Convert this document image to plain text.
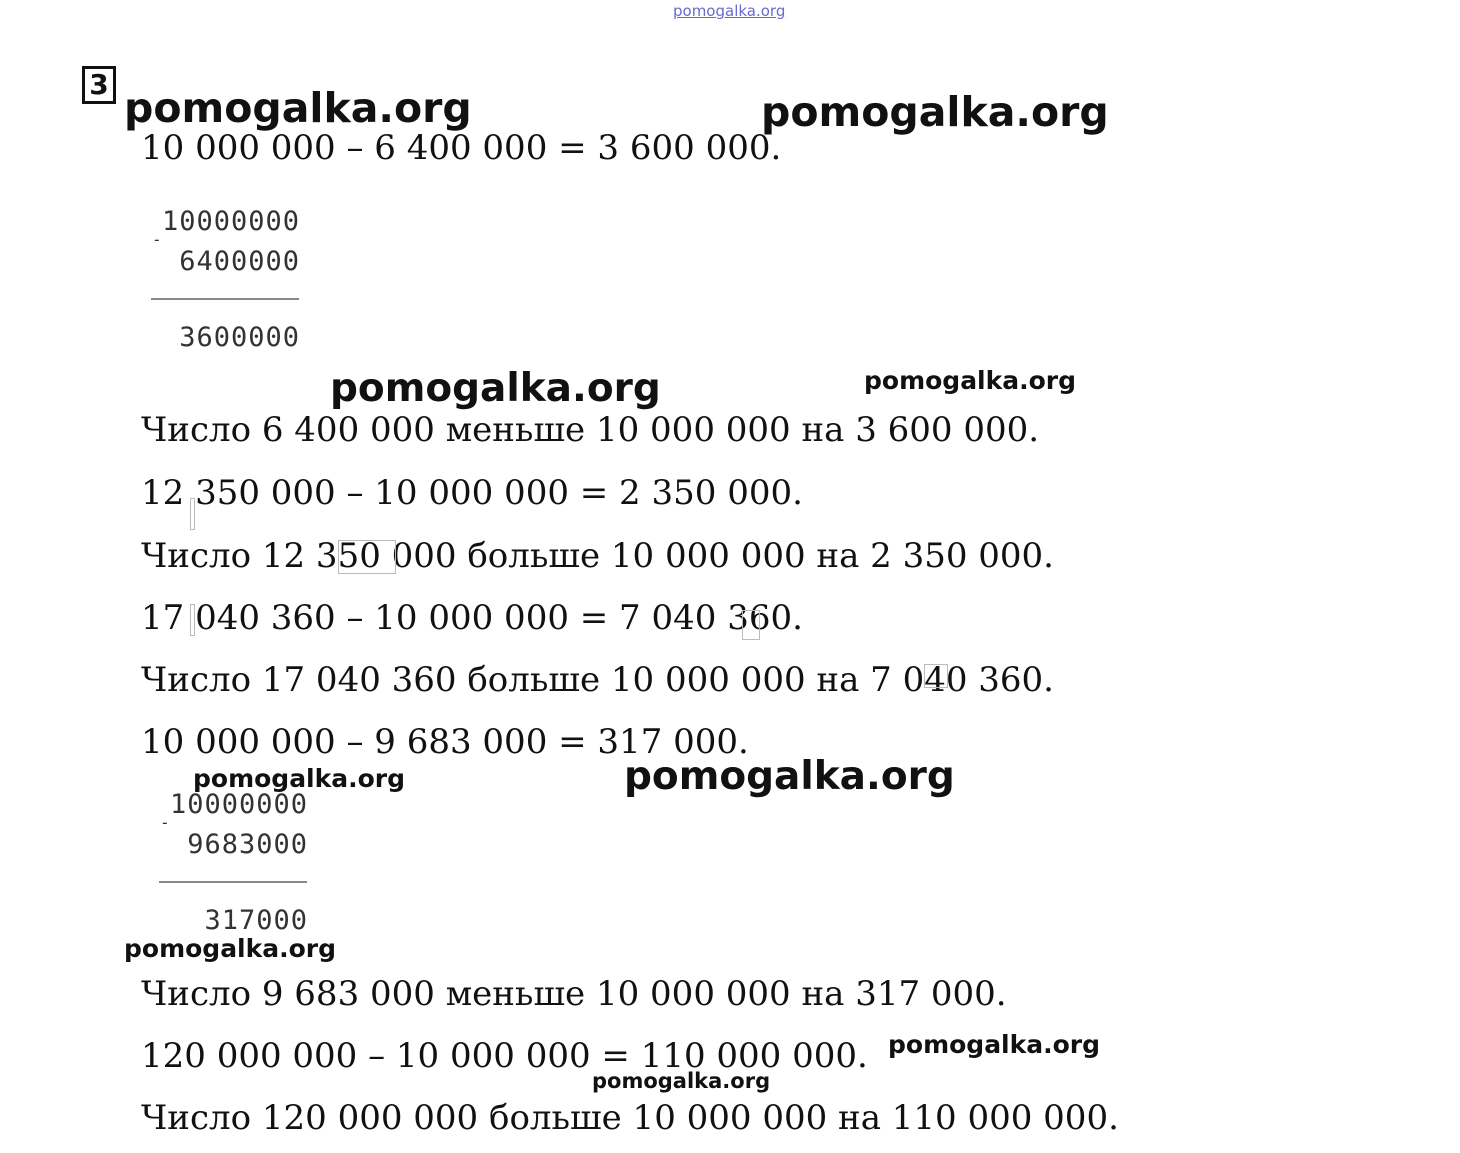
pomogalka.org
3 pomogalka.org	pomogalka.org
10 000 000 – 6 400 000 = 3 600 000.
10000000
-
6400000
3600000
pomogalka.org	pomogalka.org
Число 6 400 000 меньше 10 000 000 на 3 600 000.
12 350 000 – 10 000 000 = 2 350 000.
Число 12 350 000 больше 10 000 000 на 2 350 000.
17 040 360 – 10 000 000 = 7 040 360.
Число 17 040 360 больше 10 000 000 на 7 040 360.
10 000 000 – 9 683 000 = 317 000.
pomogalka.org	pomogalka.org
10000000
-
9683000
317000
pomogalka.org
Число 9 683 000 меньше 10 000 000 на 317 000.
120 000 000 – 10 000 000 = 110 000 000. pomogalka.org
pomogalka.org
Число 120 000 000 больше 10 000 000 на 110 000 000.
